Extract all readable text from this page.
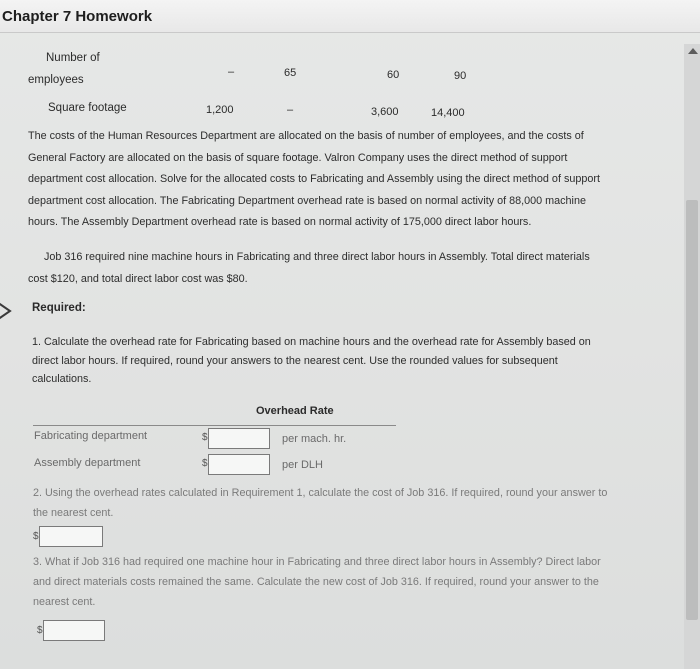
Chapter 7 Homework
Number of
employees
–	65	60	90
Square footage	1,200	–	3,600	14,400
The costs of the Human Resources Department are allocated on the basis of number of employees, and the costs of
General Factory are allocated on the basis of square footage. Valron Company uses the direct method of support
department cost allocation. Solve for the allocated costs to Fabricating and Assembly using the direct method of support
department cost allocation. The Fabricating Department overhead rate is based on normal activity of 88,000 machine
hours. The Assembly Department overhead rate is based on normal activity of 175,000 direct labor hours.
Job 316 required nine machine hours in Fabricating and three direct labor hours in Assembly. Total direct materials
cost $120, and total direct labor cost was $80.
Required:
1. Calculate the overhead rate for Fabricating based on machine hours and the overhead rate for Assembly based on
direct labor hours. If required, round your answers to the nearest cent. Use the rounded values for subsequent
calculations.
Overhead Rate
Fabricating department	$	per mach. hr.
Assembly department	$	per DLH
2. Using the overhead rates calculated in Requirement 1, calculate the cost of Job 316. If required, round your answer to
the nearest cent.
$
3. What if Job 316 had required one machine hour in Fabricating and three direct labor hours in Assembly? Direct labor
and direct materials costs remained the same. Calculate the new cost of Job 316. If required, round your answer to the
nearest cent.
$
